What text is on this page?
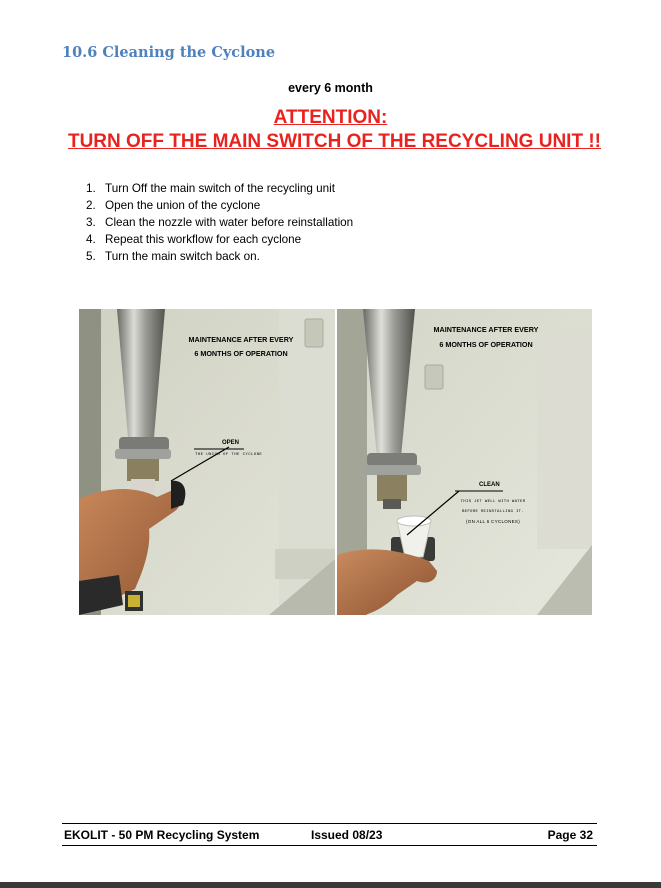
10.6 Cleaning the Cyclone
every 6 month
ATTENTION:
TURN OFF THE MAIN SWITCH OF THE RECYCLING UNIT !!
1. Turn Off the main switch of the recycling unit
2. Open the union of the cyclone
3. Clean the nozzle with water before reinstallation
4. Repeat this workflow for each cyclone
5. Turn the main switch back on.
MAINTENANCE AFTER EVERY
6 MONTHS OF OPERATION
OPEN
THE UNION OF THE CYCLONE
MAINTENANCE AFTER EVERY
6 MONTHS OF OPERATION
CLEAN
THIS JET WELL WITH WATER
BEFORE REINSTALLING IT.
(ON ALL 6 CYCLONES)
EKOLIT - 50 PM Recycling System	Issued 08/23	Page 32
